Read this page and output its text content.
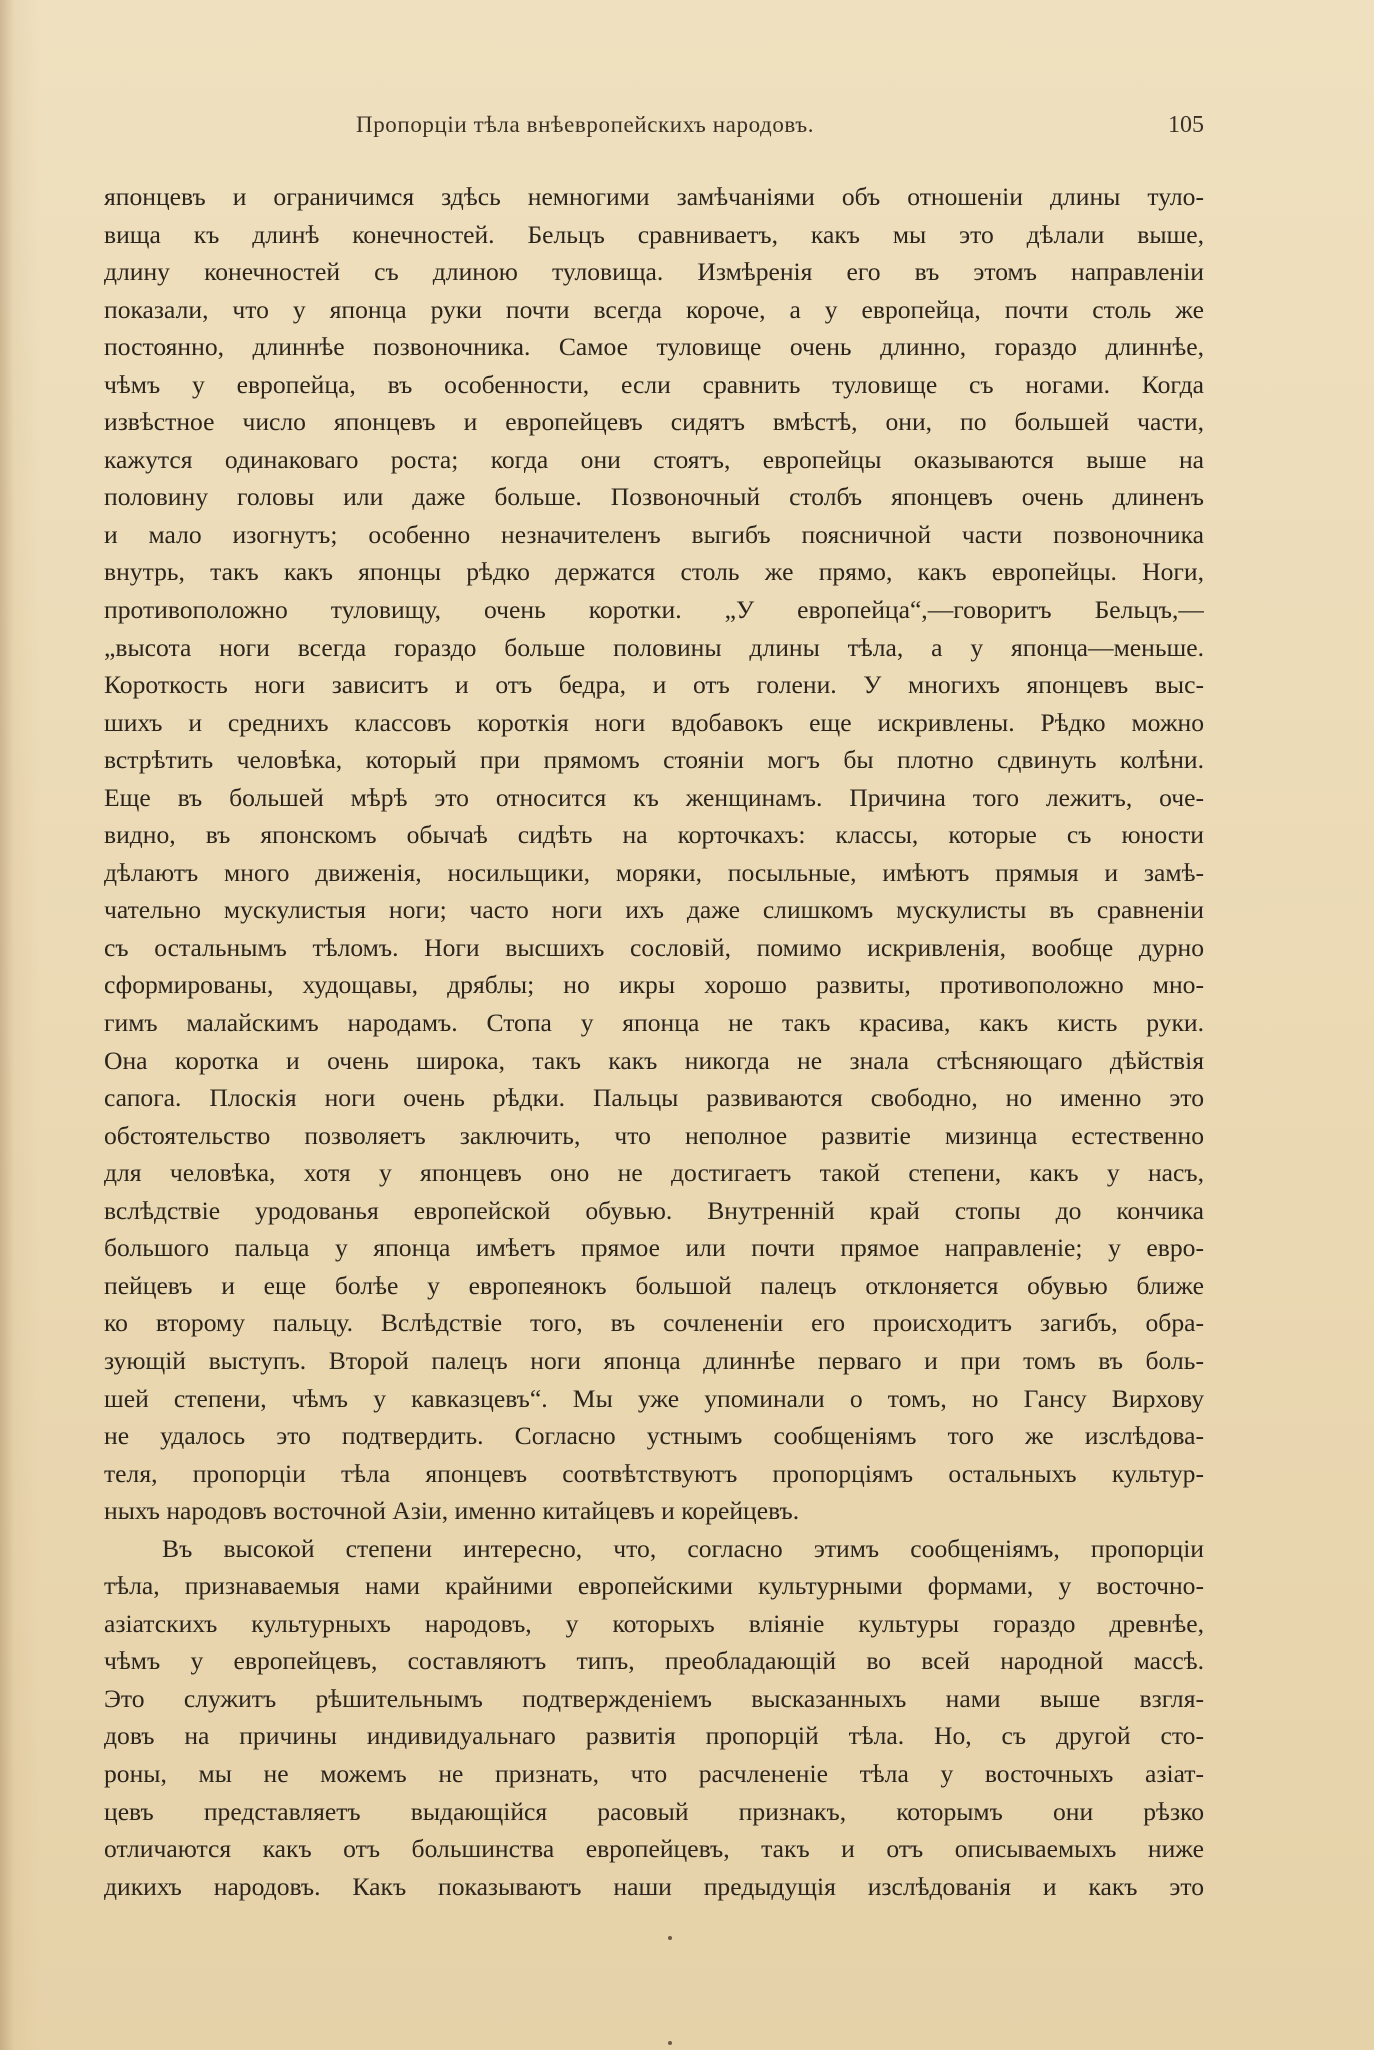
Пропорціи тѣла внѣевропейскихъ народовъ.	105
японцевъ и ограничимся здѣсь немногими замѣчаніями объ отношеніи длины туло-
вища къ длинѣ конечностей. Бельцъ сравниваетъ, какъ мы это дѣлали выше,
длину конечностей съ длиною туловища. Измѣренія его въ этомъ направленіи
показали, что у японца руки почти всегда короче, а у европейца, почти столь же
постоянно, длиннѣе позвоночника. Самое туловище очень длинно, гораздо длиннѣе,
чѣмъ у европейца, въ особенности, если сравнить туловище съ ногами. Когда
извѣстное число японцевъ и европейцевъ сидятъ вмѣстѣ, они, по большей части,
кажутся одинаковаго роста; когда они стоятъ, европейцы оказываются выше на
половину головы или даже больше. Позвоночный столбъ японцевъ очень длиненъ
и мало изогнутъ; особенно незначителенъ выгибъ поясничной части позвоночника
внутрь, такъ какъ японцы рѣдко держатся столь же прямо, какъ европейцы. Ноги,
противоположно туловищу, очень коротки. „У европейца“,—говоритъ Бельцъ,—
„высота ноги всегда гораздо больше половины длины тѣла, а у японца—меньше.
Короткость ноги зависитъ и отъ бедра, и отъ голени. У многихъ японцевъ выс-
шихъ и среднихъ классовъ короткія ноги вдобавокъ еще искривлены. Рѣдко можно
встрѣтить человѣка, который при прямомъ стояніи могъ бы плотно сдвинуть колѣни.
Еще въ большей мѣрѣ это относится къ женщинамъ. Причина того лежитъ, оче-
видно, въ японскомъ обычаѣ сидѣть на корточкахъ: классы, которые съ юности
дѣлаютъ много движенія, носильщики, моряки, посыльные, имѣютъ прямыя и замѣ-
чательно мускулистыя ноги; часто ноги ихъ даже слишкомъ мускулисты въ сравненіи
съ остальнымъ тѣломъ. Ноги высшихъ сословій, помимо искривленія, вообще дурно
сформированы, худощавы, дряблы; но икры хорошо развиты, противоположно мно-
гимъ малайскимъ народамъ. Стопа у японца не такъ красива, какъ кисть руки.
Она коротка и очень широка, такъ какъ никогда не знала стѣсняющаго дѣйствія
сапога. Плоскія ноги очень рѣдки. Пальцы развиваются свободно, но именно это
обстоятельство позволяетъ заключить, что неполное развитіе мизинца естественно
для человѣка, хотя у японцевъ оно не достигаетъ такой степени, какъ у насъ,
вслѣдствіе уродованья европейской обувью. Внутренній край стопы до кончика
большого пальца у японца имѣетъ прямое или почти прямое направленіе; у евро-
пейцевъ и еще болѣе у европеянокъ большой палецъ отклоняется обувью ближе
ко второму пальцу. Вслѣдствіе того, въ сочлененіи его происходитъ загибъ, обра-
зующій выступъ. Второй палецъ ноги японца длиннѣе перваго и при томъ въ боль-
шей степени, чѣмъ у кавказцевъ“. Мы уже упоминали о томъ, но Гансу Вирхову
не удалось это подтвердить. Согласно устнымъ сообщеніямъ того же изслѣдова-
теля, пропорціи тѣла японцевъ соотвѣтствуютъ пропорціямъ остальныхъ культур-
ныхъ народовъ восточной Азіи, именно китайцевъ и корейцевъ.
Въ высокой степени интересно, что, согласно этимъ сообщеніямъ, пропорціи
тѣла, признаваемыя нами крайними европейскими культурными формами, у восточно-
азіатскихъ культурныхъ народовъ, у которыхъ вліяніе культуры гораздо древнѣе,
чѣмъ у европейцевъ, составляютъ типъ, преобладающій во всей народной массѣ.
Это служитъ рѣшительнымъ подтвержденіемъ высказанныхъ нами выше взгля-
довъ на причины индивидуальнаго развитія пропорцій тѣла. Но, съ другой сто-
роны, мы не можемъ не признать, что расчлененіе тѣла у восточныхъ азіат-
цевъ представляетъ выдающійся расовый признакъ, которымъ они рѣзко
отличаются какъ отъ большинства европейцевъ, такъ и отъ описываемыхъ ниже
дикихъ народовъ. Какъ показываютъ наши предыдущія изслѣдованія и какъ это
